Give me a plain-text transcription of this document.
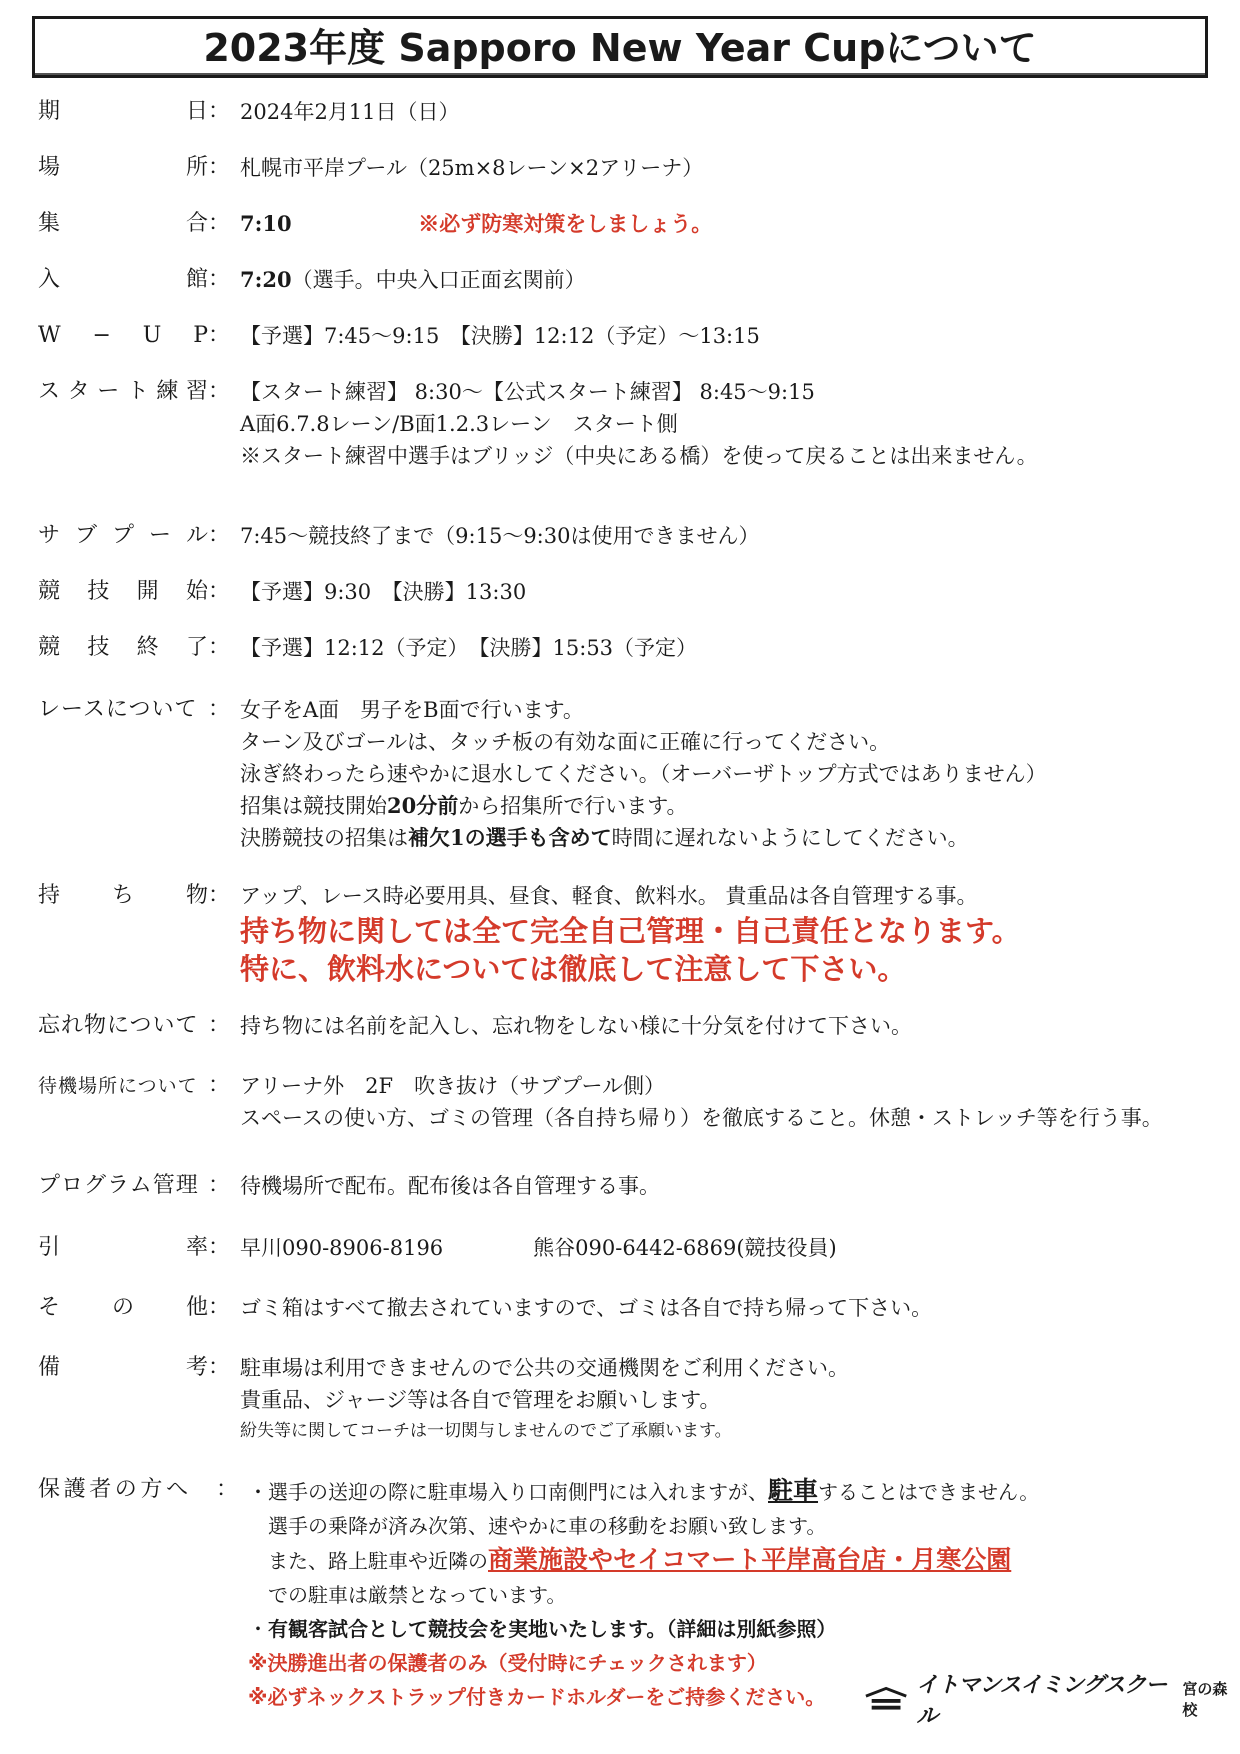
2023年度 Sapporo New Year Cupについて
期	日 ： 2024年2月11日（日）
場	所 ： 札幌市平岸プール（25m×8レーン×2アリーナ）
集	合 ： 7:10	※必ず防寒対策をしましょう。
入	館 ： 7:20（選手。中央入口正面玄関前）
W − U P ： 【予選】7:45～9:15　【決勝】12:12（予定）～13:15
ス タ ー ト 練 習 ： 【スタート練習】 8:30～【公式スタート練習】 8:45～9:15
A面6.7.8レーン/B面1.2.3レーン　スタート側
※スタート練習中選手はブリッジ（中央にある橋）を使って戻ることは出来ません。
サ ブ プ ー ル ： 7:45～競技終了まで（9:15～9:30は使用できません）
競 技 開 始 ： 【予選】9:30　【決勝】13:30
競 技 終 了 ： 【予選】12:12（予定）　【決勝】15:53（予定）
レースについて ： 女子をA面　男子をB面で行います。
ターン及びゴールは、タッチ板の有効な面に正確に行ってください。
泳ぎ終わったら速やかに退水してください。（オーバーザトップ方式ではありません）
招集は競技開始20分前から招集所で行います。
決勝競技の招集は補欠1の選手も含めて時間に遅れないようにしてください。
持 ち 物 ： アップ、レース時必要用具、昼食、軽食、飲料水。 貴重品は各自管理する事。
持ち物に関しては全て完全自己管理・自己責任となります。
特に、飲料水については徹底して注意して下さい。
忘れ物について ： 持ち物には名前を記入し、忘れ物をしない様に十分気を付けて下さい。
待機場所について ： アリーナ外　2F　吹き抜け（サブプール側）
スペースの使い方、ゴミの管理（各自持ち帰り）を徹底すること。休憩・ストレッチ等を行う事。
プログラム管理 ： 待機場所で配布。配布後は各自管理する事。
引	率 ： 早川090-8906-8196	熊谷090-6442-6869(競技役員)
そ の 他 ： ゴミ箱はすべて撤去されていますので、ゴミは各自で持ち帰って下さい。
備	考 ： 駐車場は利用できませんので公共の交通機関をご利用ください。
貴重品、ジャージ等は各自で管理をお願いします。
紛失等に関してコーチは一切関与しませんのでご了承願います。
保 護 者 の 方 へ ： ・選手の送迎の際に駐車場入り口南側門には入れますが、駐車することはできません。
選手の乗降が済み次第、速やかに車の移動をお願い致します。
また、路上駐車や近隣の商業施設やセイコマート平岸高台店・月寒公園
での駐車は厳禁となっています。
・有観客試合として競技会を実地いたします。（詳細は別紙参照）
※決勝進出者の保護者のみ（受付時にチェックされます）
※必ずネックストラップ付きカードホルダーをご持参ください。	イトマンスイミングスクール
宮の森校
